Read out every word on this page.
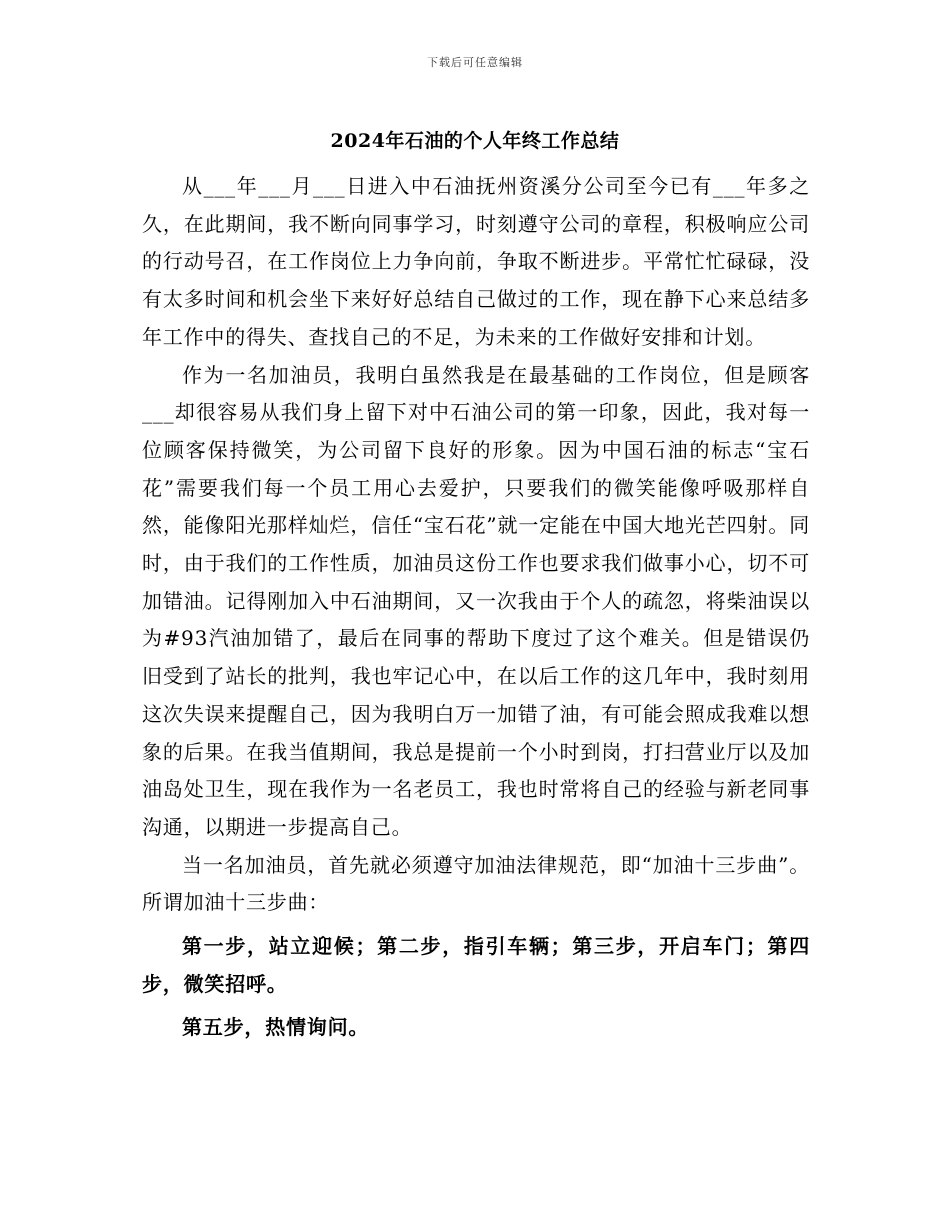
下载后可任意编辑
2024年石油的个人年终工作总结

从___年___月___日进入中石油抚州资溪分公司至今已有___年多之久，在此期间，我不断向同事学习，时刻遵守公司的章程，积极响应公司的行动号召，在工作岗位上力争向前，争取不断进步。平常忙忙碌碌，没有太多时间和机会坐下来好好总结自己做过的工作，现在静下心来总结多年工作中的得失、查找自己的不足，为未来的工作做好安排和计划。

作为一名加油员，我明白虽然我是在最基础的工作岗位，但是顾客___却很容易从我们身上留下对中石油公司的第一印象，因此，我对每一位顾客保持微笑，为公司留下良好的形象。因为中国石油的标志“宝石花”需要我们每一个员工用心去爱护，只要我们的微笑能像呼吸那样自然，能像阳光那样灿烂，信任“宝石花”就一定能在中国大地光芒四射。同时，由于我们的工作性质，加油员这份工作也要求我们做事小心，切不可加错油。记得刚加入中石油期间，又一次我由于个人的疏忽，将柴油误以为#93汽油加错了，最后在同事的帮助下度过了这个难关。但是错误仍旧受到了站长的批判，我也牢记心中，在以后工作的这几年中，我时刻用这次失误来提醒自己，因为我明白万一加错了油，有可能会照成我难以想象的后果。在我当值期间，我总是提前一个小时到岗，打扫营业厅以及加油岛处卫生，现在我作为一名老员工，我也时常将自己的经验与新老同事沟通，以期进一步提高自己。

当一名加油员，首先就必须遵守加油法律规范，即“加油十三步曲”。所谓加油十三步曲：

第一步，站立迎候；第二步，指引车辆；第三步，开启车门；第四步，微笑招呼。

第五步，热情询问。
